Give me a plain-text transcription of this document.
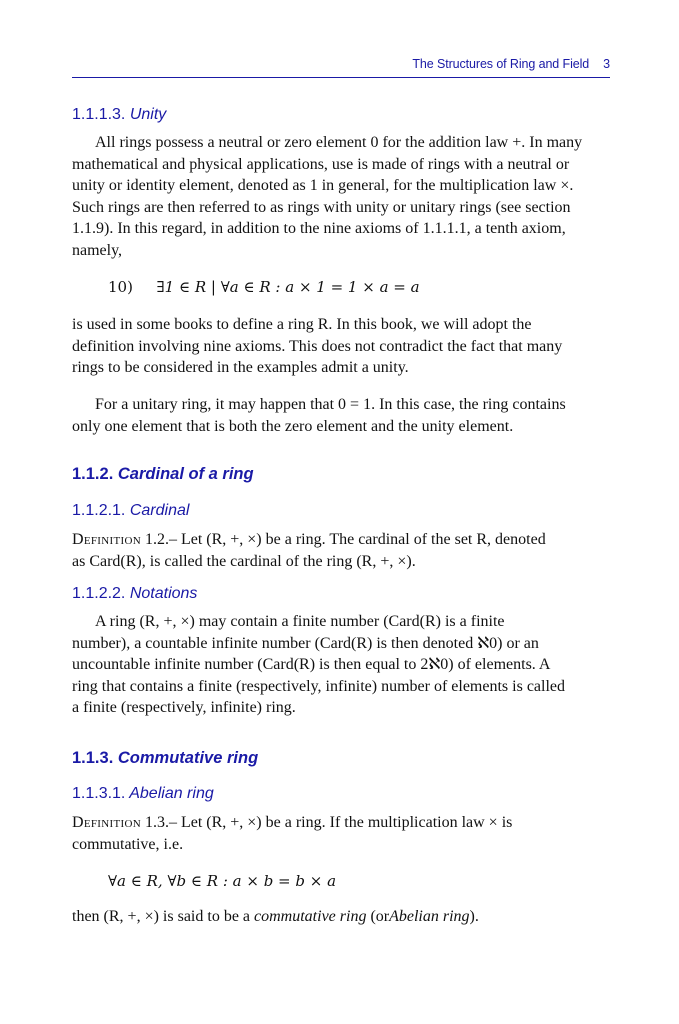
The Structures of Ring and Field 3
1.1.1.3. Unity
All rings possess a neutral or zero element 0 for the addition law +. In many
mathematical and physical applications, use is made of rings with a neutral or
unity or identity element, denoted as 1 in general, for the multiplication law ×.
Such rings are then referred to as rings with unity or unitary rings (see section
1.1.9). In this regard, in addition to the nine axioms of 1.1.1.1, a tenth axiom,
namely,
10) ∃1 ∈ R | ∀a ∈ R : a × 1 = 1 × a = a
is used in some books to define a ring R. In this book, we will adopt the
definition involving nine axioms. This does not contradict the fact that many
rings to be considered in the examples admit a unity.
For a unitary ring, it may happen that 0 = 1. In this case, the ring contains
only one element that is both the zero element and the unity element.
1.1.2. Cardinal of a ring
1.1.2.1. Cardinal
Definition 1.2.– Let (R, +, ×) be a ring. The cardinal of the set R, denoted
as Card(R), is called the cardinal of the ring (R, +, ×).
1.1.2.2. Notations
A ring (R, +, ×) may contain a finite number (Card(R) is a finite
number), a countable infinite number (Card(R) is then denoted ℵ0) or an
uncountable infinite number (Card(R) is then equal to 2ℵ0) of elements. A
ring that contains a finite (respectively, infinite) number of elements is called
a finite (respectively, infinite) ring.
1.1.3. Commutative ring
1.1.3.1. Abelian ring
Definition 1.3.– Let (R, +, ×) be a ring. If the multiplication law × is
commutative, i.e.
∀a ∈ R, ∀b ∈ R : a × b = b × a
then (R, +, ×) is said to be a commutative ring (orAbelian ring).
